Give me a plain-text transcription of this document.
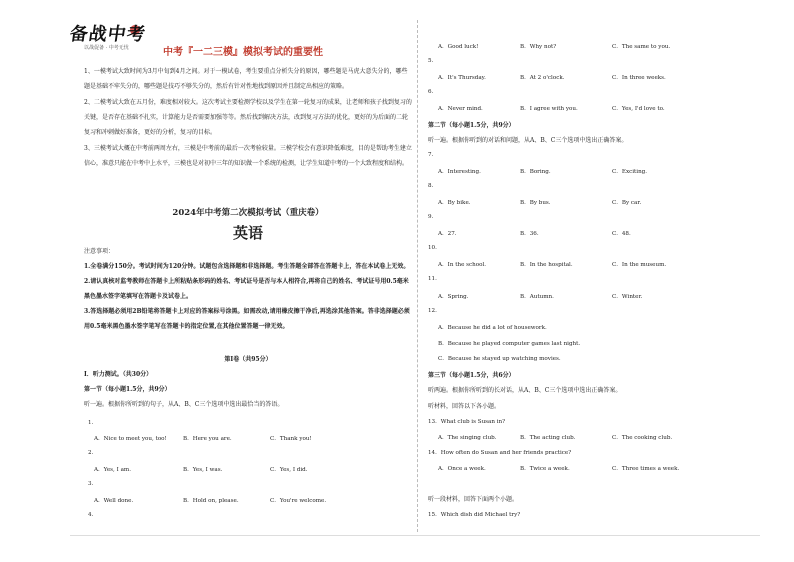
备战中考
以战促备 · 中考无忧	中考『一二三模』模拟考试的重要性

1、一模考试大致时间为3月中旬到4月之间。对于一模试卷，考生要重点分析失分的原因，哪些题是马虎大意失分的，哪些题是基础不牢失分的，哪些题是技巧不够失分的，然后有针对性地找到原因并且制定出相应的策略。

2、二模考试大致在五月份，难度相对较大。这次考试主要检测学校以及学生在第一轮复习的成果，让老师和孩子找到复习的关键，是否存在基础不扎实，计算能力是否需要加强等等。然后找到解决方法，改到复习方法的优化，更好的为后面的二轮复习和冲刺做好准备，更好的分析，复习的目标。

3、三模考试大概在中考前两周左右，三模是中考前的最后一次考验较量。三模学校会有意识降低难度，目的是帮助考生建立信心，准意只能在中考中上水平，三模也是对初中三年的知识做一个系统的检测，让学生知道中考的一个大致程度和结构。

2024年中考第二次模拟考试（重庆卷）
英语
注意事项：
1.全卷满分150分。考试时间为120分钟。试题包含选择题和非选择题。考生答题全部答在答题卡上，答在本试卷上无效。
2.请认真核对监考教师在答题卡上所粘贴条形码的姓名、考试证号是否与本人相符合,再将自己的姓名、考试证号用0.5毫米黑色墨水签字笔填写在答题卡及试卷上。
3.答选择题必须用2B铅笔将答题卡上对应的答案标号涂黑。如需改动,请用橡皮擦干净后,再选涂其他答案。答非选择题必须用0.5毫米黑色墨水签字笔写在答题卡的指定位置,在其他位置答题一律无效。
第Ⅰ卷（共95分）
Ⅰ．听力测试。（共30分）
第一节（每小题1.5分，共9分）
听一遍。根据你所听到的句子，从A、B、C三个选项中选出最恰当的答语。
1.
A．Nice to meet you, too!	B．Here you are.	C．Thank you!
2.
A．Yes, I am.	B．Yes, I was.	C．Yes, I did.
3.
A．Well done.	B．Hold on, please.	C．You're welcome.
4.
A．Good luck!	B．Why not?	C．The same to you.
5.
A．It's Thursday.	B．At 2 o'clock.	C．In three weeks.
6.
A．Never mind.	B．I agree with you.	C．Yes, I'd love to.
第二节（每小题1.5分，共9分）
听一遍。根据你听到的对话和问题，从A、B、C三个选项中选出正确答案。
7.
A．Interesting.	B．Boring.	C．Exciting.
8.
A．By bike.	B．By bus.	C．By car.
9.
A．27.	B．36.	C．48.
10.
A．In the school.	B．In the hospital.	C．In the museum.
11.
A．Spring.	B．Autumn.	C．Winter.
12.
A．Because he did a lot of housework.
B．Because he played computer games last night.
C．Because he stayed up watching movies.
第三节（每小题1.5分，共6分）
听两遍。根据你所听到的长对话，从A、B、C三个选项中选出正确答案。
听材料，回答以下各小题。
13．What club is Susan in?
A．The singing club.	B．The acting club.	C．The cooking club.
14．How often do Susan and her friends practice?
A．Once a week.	B．Twice a week.	C．Three times a week.
听一段材料，回答下面两个小题。
15．Which dish did Michael try?
